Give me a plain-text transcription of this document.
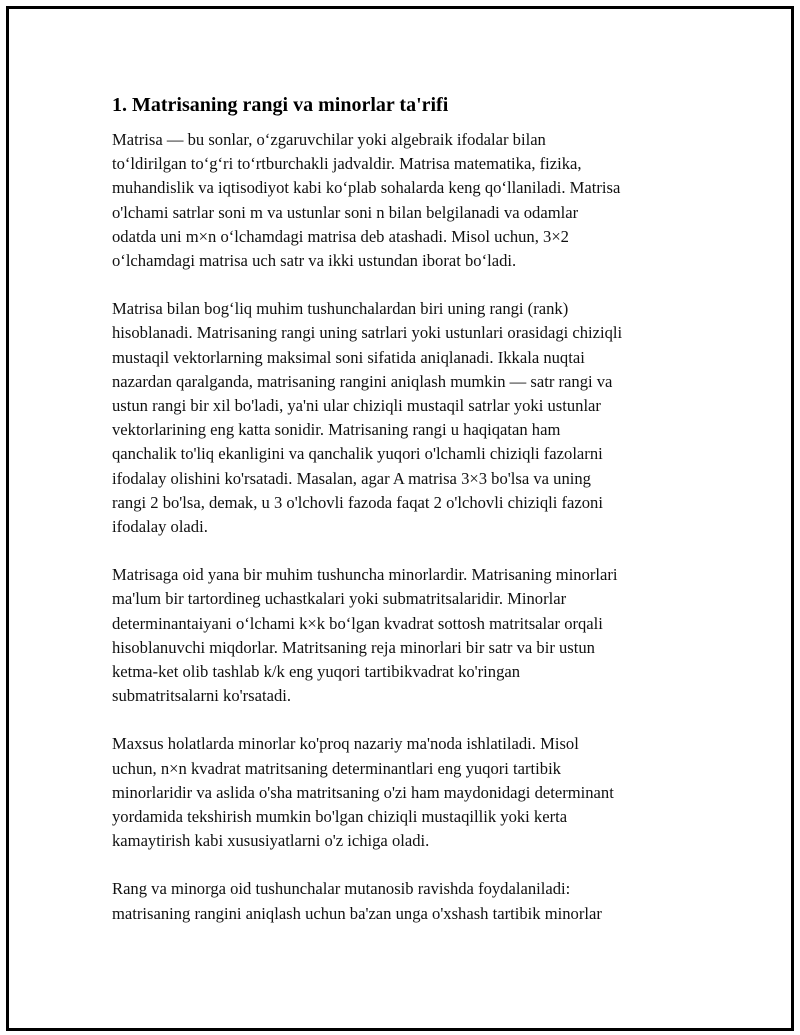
1. Matrisaning rangi va minorlar ta'rifi

Matrisa — bu sonlar, o‘zgaruvchilar yoki algebraik ifodalar bilan
to‘ldirilgan to‘g‘ri to‘rtburchakli jadvaldir. Matrisa matematika, fizika,
muhandislik va iqtisodiyot kabi ko‘plab sohalarda keng qo‘llaniladi. Matrisa
o'lchami satrlar soni m va ustunlar soni n bilan belgilanadi va odamlar
odatda uni m×n o‘lchamdagi matrisa deb atashadi. Misol uchun, 3×2
o‘lchamdagi matrisa uch satr va ikki ustundan iborat bo‘ladi.

Matrisa bilan bog‘liq muhim tushunchalardan biri uning rangi (rank)
hisoblanadi. Matrisaning rangi uning satrlari yoki ustunlari orasidagi chiziqli
mustaqil vektorlarning maksimal soni sifatida aniqlanadi. Ikkala nuqtai
nazardan qaralganda, matrisaning rangini aniqlash mumkin — satr rangi va
ustun rangi bir xil bo'ladi, ya'ni ular chiziqli mustaqil satrlar yoki ustunlar
vektorlarining eng katta sonidir. Matrisaning rangi u haqiqatan ham
qanchalik to'liq ekanligini va qanchalik yuqori o'lchamli chiziqli fazolarni
ifodalay olishini ko'rsatadi. Masalan, agar A matrisa 3×3 bo'lsa va uning
rangi 2 bo'lsa, demak, u 3 o'lchovli fazoda faqat 2 o'lchovli chiziqli fazoni
ifodalay oladi.

Matrisaga oid yana bir muhim tushuncha minorlardir. Matrisaning minorlari
ma'lum bir tartordineg uchastkalari yoki submatritsalaridir. Minorlar
determinantaiyani o‘lchami k×k bo‘lgan kvadrat sottosh matritsalar orqali
hisoblanuvchi miqdorlar. Matritsaning reja minorlari bir satr va bir ustun
ketma-ket olib tashlab k/k eng yuqori tartibikvadrat ko'ringan
submatritsalarni ko'rsatadi.

Maxsus holatlarda minorlar ko'proq nazariy ma'noda ishlatiladi. Misol
uchun, n×n kvadrat matritsaning determinantlari eng yuqori tartibik
minorlaridir va aslida o'sha matritsaning o'zi ham maydonidagi determinant
yordamida tekshirish mumkin bo'lgan chiziqli mustaqillik yoki kerta
kamaytirish kabi xususiyatlarni o'z ichiga oladi.

Rang va minorga oid tushunchalar mutanosib ravishda foydalaniladi:
matrisaning rangini aniqlash uchun ba'zan unga o'xshash tartibik minorlar
